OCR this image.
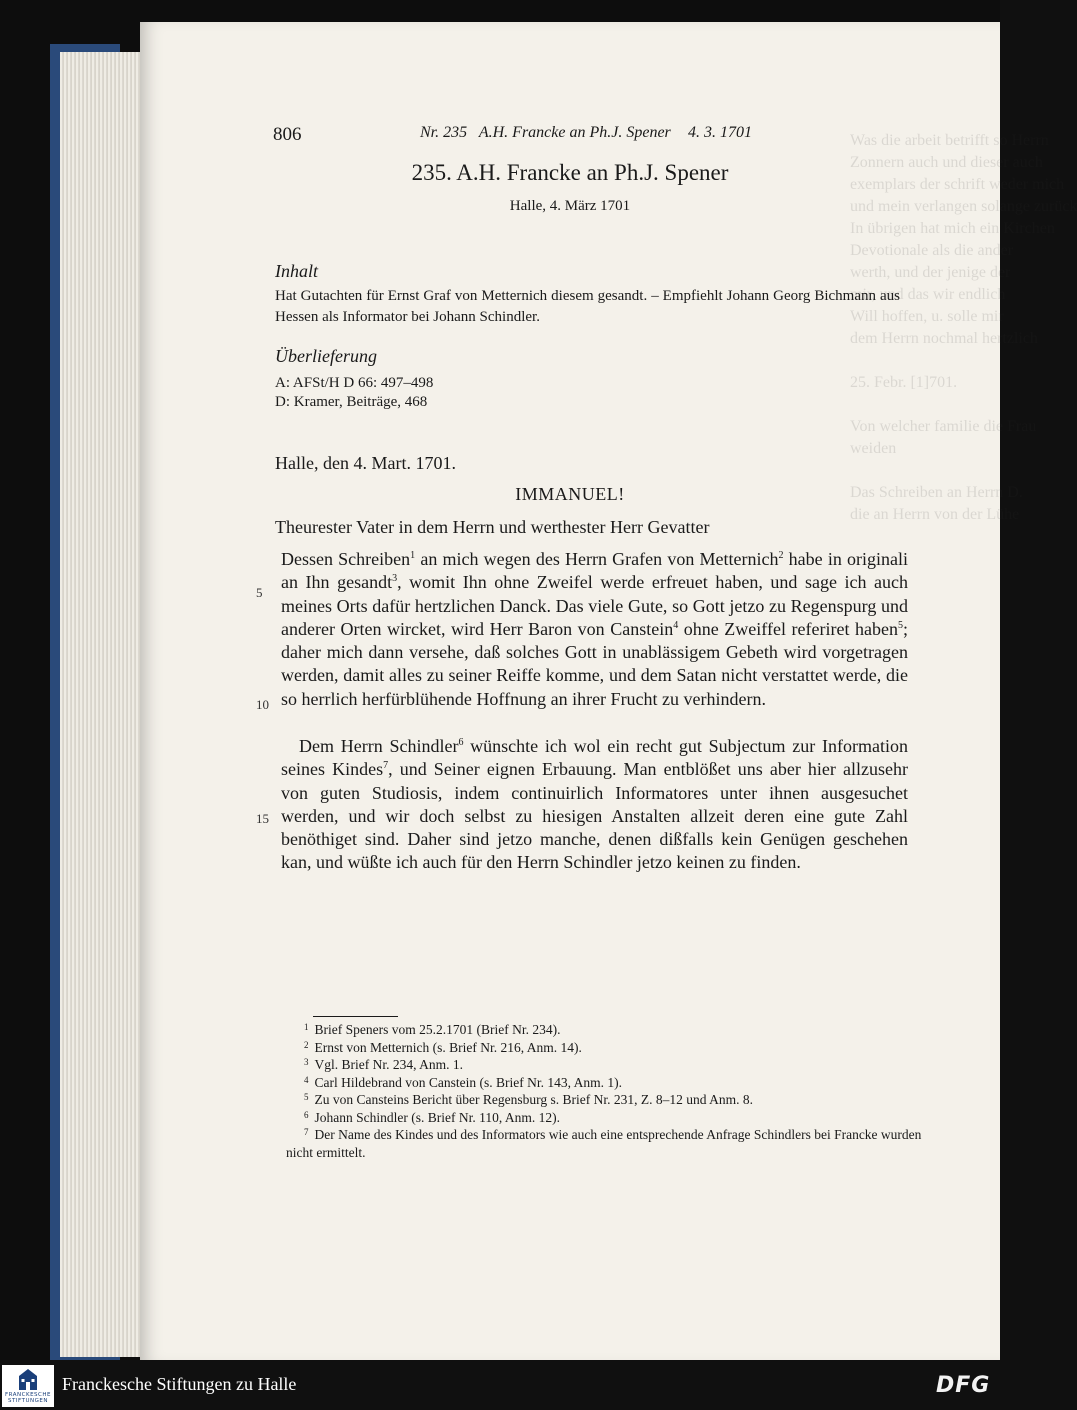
Was die arbeit betrifft so Herrn
Zonnern auch und dieser auch
exemplars der schrift weder mich
und mein verlangen solange zurück
In übrigen hat mich ein Kirchen
Devotionale als die ander
werth, und der jenige der
mir, und das wir endlich
Will hoffen, u. solle mir
dem Herrn nochmal hertzlich

25. Febr. [1]701.

Von welcher familie die Frau
weiden

Das Schreiben an Herrn D.
die an Herrn von der Lühe

806	Nr. 235   A.H. Francke an Ph.J. Spener 4. 3. 1701
235. A.H. Francke an Ph.J. Spener
Halle, 4. März 1701
Inhalt
Hat Gutachten für Ernst Graf von Metternich diesem gesandt. – Empfiehlt Johann Georg Bichmann aus Hessen als Informator bei Johann Schindler.
Überlieferung
A: AFSt/H D 66: 497–498
D: Kramer, Beiträge, 468
Halle, den 4. Mart. 1701.
IMMANUEL!
Theurester Vater in dem Herrn und werthester Herr Gevatter
Dessen Schreiben$^1$ an mich wegen des Herrn Grafen von Metternich$^2$ habe in originali an Ihn gesandt$^3$, womit Ihn ohne Zweifel werde erfreuet haben, und sage ich auch meines Orts dafür hertzlichen Danck. Das viele Gute, so Gott jetzo zu Regenspurg und anderer Orten wircket, wird Herr Baron von Canstein$^4$ ohne Zweiffel referiret haben$^5$; daher mich dann versehe, daß solches Gott in unablässigem Gebeth wird vorgetragen werden, damit alles zu seiner Reiffe komme, und dem Satan nicht verstattet werde, die so herrlich herfürblühende Hoffnung an ihrer Frucht zu verhindern.
Dem Herrn Schindler$^6$ wünschte ich wol ein recht gut Subjectum zur Information seines Kindes$^7$, und Seiner eignen Erbauung. Man entblößet uns aber hier allzusehr von guten Studiosis, indem continuirlich Informatores unter ihnen ausgesuchet werden, und wir doch selbst zu hiesigen Anstalten allzeit deren eine gute Zahl benöthiget sind. Daher sind jetzo manche, denen dißfalls kein Genügen geschehen kan, und wüßte ich auch für den Herrn Schindler jetzo keinen zu finden.
5
10
15
$^1$ Brief Speners vom 25.2.1701 (Brief Nr. 234).
$^2$ Ernst von Metternich (s. Brief Nr. 216, Anm. 14).
$^3$ Vgl. Brief Nr. 234, Anm. 1.
$^4$ Carl Hildebrand von Canstein (s. Brief Nr. 143, Anm. 1).
$^5$ Zu von Cansteins Bericht über Regensburg s. Brief Nr. 231, Z. 8–12 und Anm. 8.
$^6$ Johann Schindler (s. Brief Nr. 110, Anm. 12).
$^7$ Der Name des Kindes und des Informators wie auch eine entsprechende Anfrage Schindlers bei Francke wurden nicht ermittelt.
FRANCKESCHE STIFTUNGEN
Franckesche Stiftungen zu Halle	DFG
